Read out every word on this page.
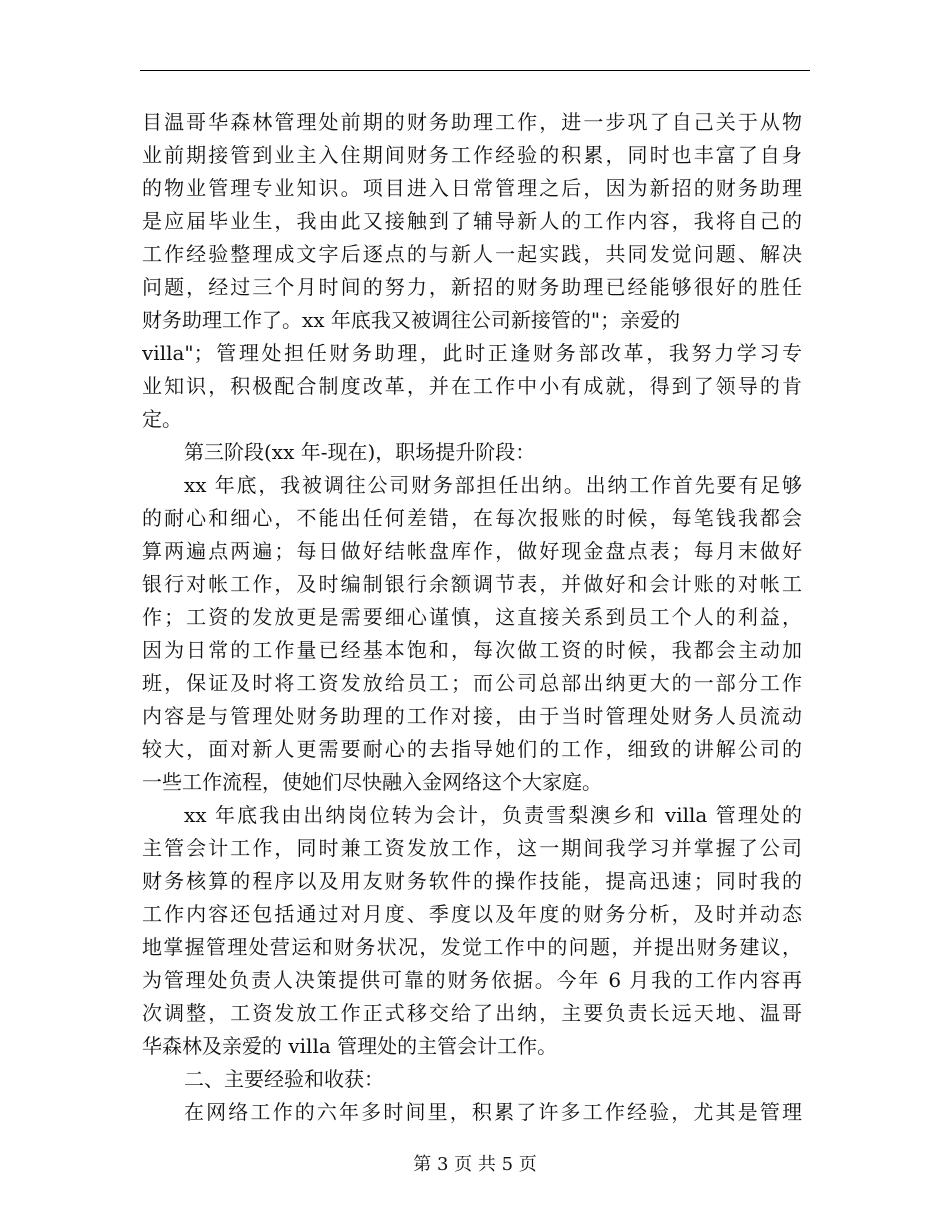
目温哥华森林管理处前期的财务助理工作，进一步巩了自己关于从物
业前期接管到业主入住期间财务工作经验的积累，同时也丰富了自身
的物业管理专业知识。项目进入日常管理之后，因为新招的财务助理
是应届毕业生，我由此又接触到了辅导新人的工作内容，我将自己的
工作经验整理成文字后逐点的与新人一起实践，共同发觉问题、解决
问题，经过三个月时间的努力，新招的财务助理已经能够很好的胜任
财务助理工作了。xx 年底我又被调往公司新接管的"；亲爱的
villa"；管理处担任财务助理，此时正逢财务部改革，我努力学习专
业知识，积极配合制度改革，并在工作中小有成就，得到了领导的肯
定。
第三阶段(xx 年-现在)，职场提升阶段：
xx 年底，我被调往公司财务部担任出纳。出纳工作首先要有足够
的耐心和细心，不能出任何差错，在每次报账的时候，每笔钱我都会
算两遍点两遍；每日做好结帐盘库作，做好现金盘点表；每月末做好
银行对帐工作，及时编制银行余额调节表，并做好和会计账的对帐工
作；工资的发放更是需要细心谨慎，这直接关系到员工个人的利益，
因为日常的工作量已经基本饱和，每次做工资的时候，我都会主动加
班，保证及时将工资发放给员工；而公司总部出纳更大的一部分工作
内容是与管理处财务助理的工作对接，由于当时管理处财务人员流动
较大，面对新人更需要耐心的去指导她们的工作，细致的讲解公司的
一些工作流程，使她们尽快融入金网络这个大家庭。
xx 年底我由出纳岗位转为会计，负责雪梨澳乡和 villa 管理处的
主管会计工作，同时兼工资发放工作，这一期间我学习并掌握了公司
财务核算的程序以及用友财务软件的操作技能，提高迅速；同时我的
工作内容还包括通过对月度、季度以及年度的财务分析，及时并动态
地掌握管理处营运和财务状况，发觉工作中的问题，并提出财务建议，
为管理处负责人决策提供可靠的财务依据。今年 6 月我的工作内容再
次调整，工资发放工作正式移交给了出纳，主要负责长远天地、温哥
华森林及亲爱的 villa 管理处的主管会计工作。
二、主要经验和收获：
在网络工作的六年多时间里，积累了许多工作经验，尤其是管理
第 3 页 共 5 页
